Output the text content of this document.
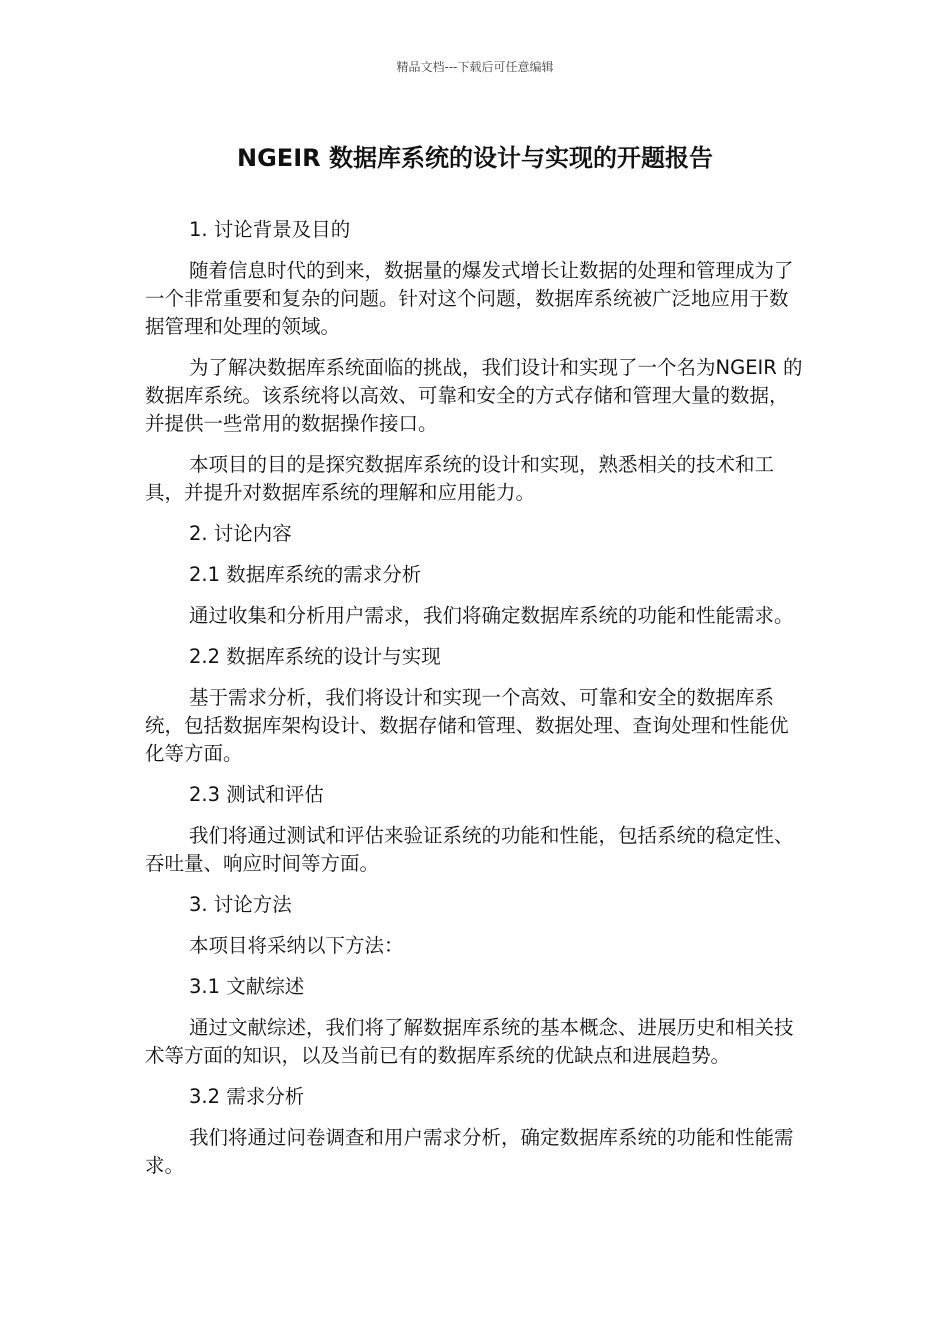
精品文档---下载后可任意编辑
NGEIR 数据库系统的设计与实现的开题报告

1. 讨论背景及目的

随着信息时代的到来，数据量的爆发式增长让数据的处理和管理成为了一个非常重要和复杂的问题。针对这个问题，数据库系统被广泛地应用于数据管理和处理的领域。

为了解决数据库系统面临的挑战，我们设计和实现了一个名为NGEIR 的数据库系统。该系统将以高效、可靠和安全的方式存储和管理大量的数据，并提供一些常用的数据操作接口。

本项目的目的是探究数据库系统的设计和实现，熟悉相关的技术和工具，并提升对数据库系统的理解和应用能力。

2. 讨论内容

2.1 数据库系统的需求分析

通过收集和分析用户需求，我们将确定数据库系统的功能和性能需求。

2.2 数据库系统的设计与实现

基于需求分析，我们将设计和实现一个高效、可靠和安全的数据库系统，包括数据库架构设计、数据存储和管理、数据处理、查询处理和性能优化等方面。

2.3 测试和评估

我们将通过测试和评估来验证系统的功能和性能，包括系统的稳定性、吞吐量、响应时间等方面。

3. 讨论方法

本项目将采纳以下方法：

3.1 文献综述

通过文献综述，我们将了解数据库系统的基本概念、进展历史和相关技术等方面的知识，以及当前已有的数据库系统的优缺点和进展趋势。

3.2 需求分析

我们将通过问卷调查和用户需求分析，确定数据库系统的功能和性能需求。
